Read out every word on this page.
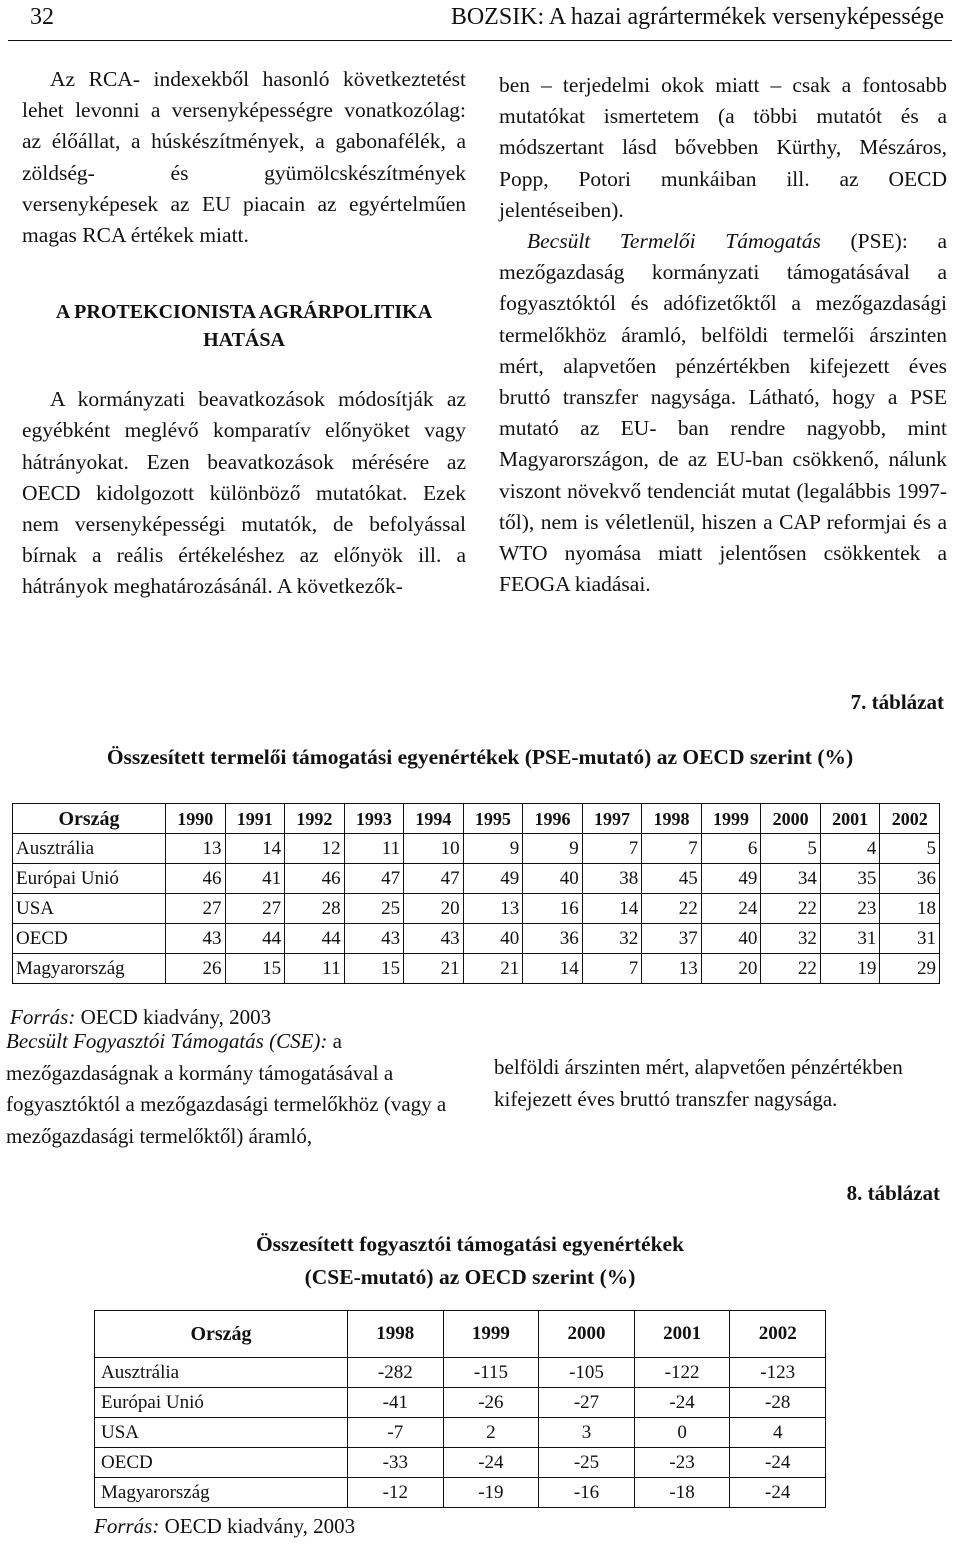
32	BOZSIK: A hazai agrártermékek versenyképessége

Az RCA- indexekből hasonló következtetést lehet levonni a versenyképességre vonatkozólag: az élőállat, a húskészítmények, a gabonafélék, a zöldség- és gyümölcskészítmények versenyképesek az EU piacain az egyértelműen magas RCA értékek miatt.

A PROTEKCIONISTA AGRÁRPOLITIKA HATÁSA

A kormányzati beavatkozások módosítják az egyébként meglévő komparatív előnyöket vagy hátrányokat. Ezen beavatkozások mérésére az OECD kidolgozott különböző mutatókat. Ezek nem versenyképességi mutatók, de befolyással bírnak a reális értékeléshez az előnyök ill. a hátrányok meghatározásánál. A következők-

ben – terjedelmi okok miatt – csak a fontosabb mutatókat ismertetem (a többi mutatót és a módszertant lásd bővebben Kürthy, Mészáros, Popp, Potori munkáiban ill. az OECD jelentéseiben).

Becsült Termelői Támogatás (PSE): a mezőgazdaság kormányzati támogatásával a fogyasztóktól és adófizetőktől a mezőgazdasági termelőkhöz áramló, belföldi termelői árszinten mért, alapvetően pénzértékben kifejezett éves bruttó transzfer nagysága. Látható, hogy a PSE mutató az EU- ban rendre nagyobb, mint Magyarországon, de az EU-ban csökkenő, nálunk viszont növekvő tendenciát mutat (legalábbis 1997-től), nem is véletlenül, hiszen a CAP reformjai és a WTO nyomása miatt jelentősen csökkentek a FEOGA kiadásai.

7. táblázat
Összesített termelői támogatási egyenértékek (PSE-mutató) az OECD szerint (%)
Ország	1990	1991	1992	1993	1994	1995	1996	1997	1998	1999	2000	2001	2002
Ausztrália	13	14	12	11	10	9	9	7	7	6	5	4	5
Európai Unió	46	41	46	47	47	49	40	38	45	49	34	35	36
USA	27	27	28	25	20	13	16	14	22	24	22	23	18
OECD	43	44	44	43	43	40	36	32	37	40	32	31	31
Magyarország	26	15	11	15	21	21	14	7	13	20	22	19	29
Forrás: OECD kiadvány, 2003
Becsült Fogyasztói Támogatás (CSE): a mezőgazdaságnak a kormány támogatásával a fogyasztóktól a mezőgazdasági termelőkhöz (vagy a mezőgazdasági termelőktől) áramló,
belföldi árszinten mért, alapvetően pénzértékben kifejezett éves bruttó transzfer nagysága.
8. táblázat
Összesített fogyasztói támogatási egyenértékek
(CSE-mutató) az OECD szerint (%)
Ország	1998	1999	2000	2001	2002
Ausztrália	-282	-115	-105	-122	-123
Európai Unió	-41	-26	-27	-24	-28
USA	-7	2	3	0	4
OECD	-33	-24	-25	-23	-24
Magyarország	-12	-19	-16	-18	-24
Forrás: OECD kiadvány, 2003
